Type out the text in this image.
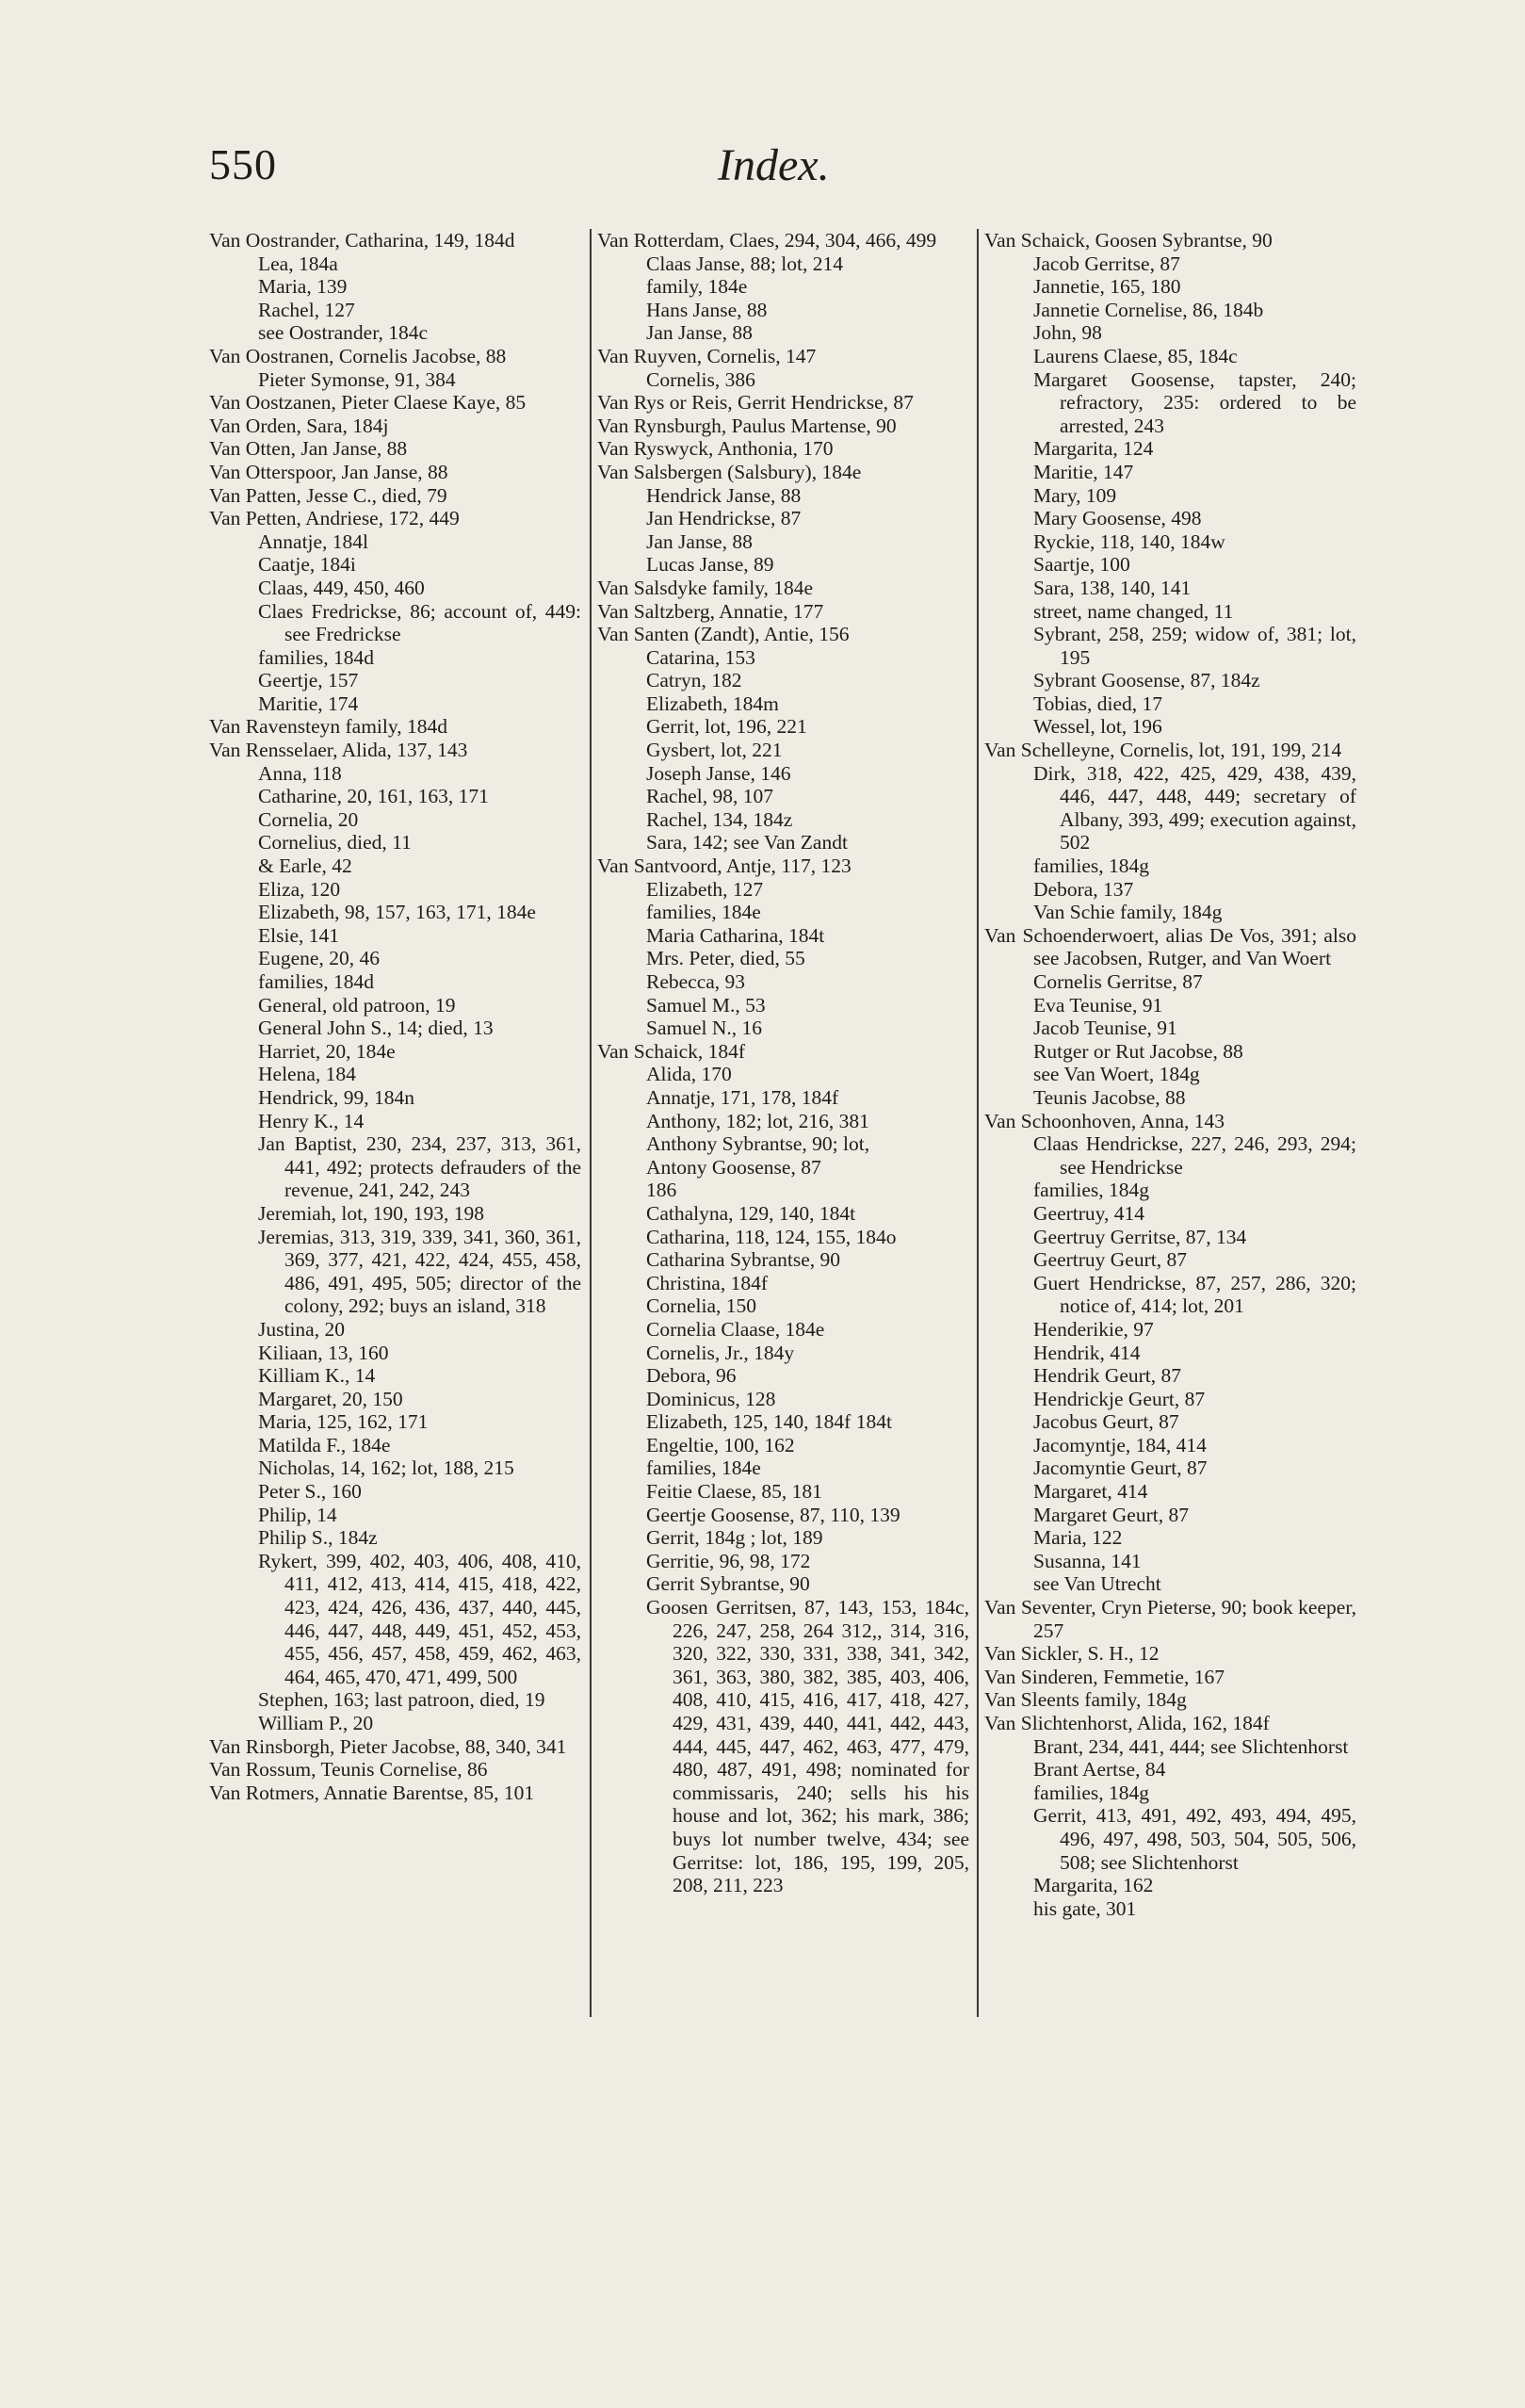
550	Index.
Van Oostrander, Catharina, 149, 184d
Lea, 184a
Maria, 139
Rachel, 127
see Oostrander, 184c
Van Oostranen, Cornelis Jacobse, 88
Pieter Symonse, 91, 384
Van Oostzanen, Pieter Claese Kaye, 85
Van Orden, Sara, 184j
Van Otten, Jan Janse, 88
Van Otterspoor, Jan Janse, 88
Van Patten, Jesse C., died, 79
Van Petten, Andriese, 172, 449
Annatje, 184l
Caatje, 184i
Claas, 449, 450, 460
Claes Fredrickse, 86; account of, 449: see Fredrickse
families, 184d
Geertje, 157
Maritie, 174
Van Ravensteyn family, 184d
Van Rensselaer, Alida, 137, 143
Anna, 118
Catharine, 20, 161, 163, 171
Cornelia, 20
Cornelius, died, 11
& Earle, 42
Eliza, 120
Elizabeth, 98, 157, 163, 171, 184e
Elsie, 141
Eugene, 20, 46
families, 184d
General, old patroon, 19
General John S., 14; died, 13
Harriet, 20, 184e
Helena, 184
Hendrick, 99, 184n
Henry K., 14
Jan Baptist, 230, 234, 237, 313, 361, 441, 492; protects defrauders of the revenue, 241, 242, 243
Jeremiah, lot, 190, 193, 198
Jeremias, 313, 319, 339, 341, 360, 361, 369, 377, 421, 422, 424, 455, 458, 486, 491, 495, 505; director of the colony, 292; buys an island, 318
Justina, 20
Kiliaan, 13, 160
Killiam K., 14
Margaret, 20, 150
Maria, 125, 162, 171
Matilda F., 184e
Nicholas, 14, 162; lot, 188, 215
Peter S., 160
Philip, 14
Philip S., 184z
Rykert, 399, 402, 403, 406, 408, 410, 411, 412, 413, 414, 415, 418, 422, 423, 424, 426, 436, 437, 440, 445, 446, 447, 448, 449, 451, 452, 453, 455, 456, 457, 458, 459, 462, 463, 464, 465, 470, 471, 499, 500
Stephen, 163; last patroon, died, 19
William P., 20
Van Rinsborgh, Pieter Jacobse, 88, 340, 341
Van Rossum, Teunis Cornelise, 86
Van Rotmers, Annatie Barentse, 85, 101
Van Rotterdam, Claes, 294, 304, 466, 499
Claas Janse, 88; lot, 214
family, 184e
Hans Janse, 88
Jan Janse, 88
Van Ruyven, Cornelis, 147
Cornelis, 386
Van Rys or Reis, Gerrit Hendrickse, 87
Van Rynsburgh, Paulus Martense, 90
Van Ryswyck, Anthonia, 170
Van Salsbergen (Salsbury), 184e
Hendrick Janse, 88
Jan Hendrickse, 87
Jan Janse, 88
Lucas Janse, 89
Van Salsdyke family, 184e
Van Saltzberg, Annatie, 177
Van Santen (Zandt), Antie, 156
Catarina, 153
Catryn, 182
Elizabeth, 184m
Gerrit, lot, 196, 221
Gysbert, lot, 221
Joseph Janse, 146
Rachel, 98, 107
Rachel, 134, 184z
Sara, 142; see Van Zandt
Van Santvoord, Antje, 117, 123
Elizabeth, 127
families, 184e
Maria Catharina, 184t
Mrs. Peter, died, 55
Rebecca, 93
Samuel M., 53
Samuel N., 16
Van Schaick, 184f
Alida, 170
Annatje, 171, 178, 184f
Anthony, 182; lot, 216, 381
Anthony Sybrantse, 90; lot,
Antony Goosense, 87
186
Cathalyna, 129, 140, 184t
Catharina, 118, 124, 155, 184o
Catharina Sybrantse, 90
Christina, 184f
Cornelia, 150
Cornelia Claase, 184e
Cornelis, Jr., 184y
Debora, 96
Dominicus, 128
Elizabeth, 125, 140, 184f 184t
Engeltie, 100, 162
families, 184e
Feitie Claese, 85, 181
Geertje Goosense, 87, 110, 139
Gerrit, 184g ; lot, 189
Gerritie, 96, 98, 172
Gerrit Sybrantse, 90
Goosen Gerritsen, 87, 143, 153, 184c, 226, 247, 258, 264 312,, 314, 316, 320, 322, 330, 331, 338, 341, 342, 361, 363, 380, 382, 385, 403, 406, 408, 410, 415, 416, 417, 418, 427, 429, 431, 439, 440, 441, 442, 443, 444, 445, 447, 462, 463, 477, 479, 480, 487, 491, 498; nominated for commissaris, 240; sells his his house and lot, 362; his mark, 386; buys lot number twelve, 434; see Gerritse: lot, 186, 195, 199, 205, 208, 211, 223
Van Schaick, Goosen Sybrantse, 90
Jacob Gerritse, 87
Jannetie, 165, 180
Jannetie Cornelise, 86, 184b
John, 98
Laurens Claese, 85, 184c
Margaret Goosense, tapster, 240; refractory, 235: ordered to be arrested, 243
Margarita, 124
Maritie, 147
Mary, 109
Mary Goosense, 498
Ryckie, 118, 140, 184w
Saartje, 100
Sara, 138, 140, 141
street, name changed, 11
Sybrant, 258, 259; widow of, 381; lot, 195
Sybrant Goosense, 87, 184z
Tobias, died, 17
Wessel, lot, 196
Van Schelleyne, Cornelis, lot, 191, 199, 214
Dirk, 318, 422, 425, 429, 438, 439, 446, 447, 448, 449; secretary of Albany, 393, 499; execution against, 502
families, 184g
Debora, 137
Van Schie family, 184g
Van Schoenderwoert, alias De Vos, 391; also see Jacobsen, Rutger, and Van Woert
Cornelis Gerritse, 87
Eva Teunise, 91
Jacob Teunise, 91
Rutger or Rut Jacobse, 88
see Van Woert, 184g
Teunis Jacobse, 88
Van Schoonhoven, Anna, 143
Claas Hendrickse, 227, 246, 293, 294; see Hendrickse
families, 184g
Geertruy, 414
Geertruy Gerritse, 87, 134
Geertruy Geurt, 87
Guert Hendrickse, 87, 257, 286, 320; notice of, 414; lot, 201
Henderikie, 97
Hendrik, 414
Hendrik Geurt, 87
Hendrickje Geurt, 87
Jacobus Geurt, 87
Jacomyntje, 184, 414
Jacomyntie Geurt, 87
Margaret, 414
Margaret Geurt, 87
Maria, 122
Susanna, 141
see Van Utrecht
Van Seventer, Cryn Pieterse, 90; book keeper, 257
Van Sickler, S. H., 12
Van Sinderen, Femmetie, 167
Van Sleents family, 184g
Van Slichtenhorst, Alida, 162, 184f
Brant, 234, 441, 444; see Slichtenhorst
Brant Aertse, 84
families, 184g
Gerrit, 413, 491, 492, 493, 494, 495, 496, 497, 498, 503, 504, 505, 506, 508; see Slichtenhorst
Margarita, 162
his gate, 301
